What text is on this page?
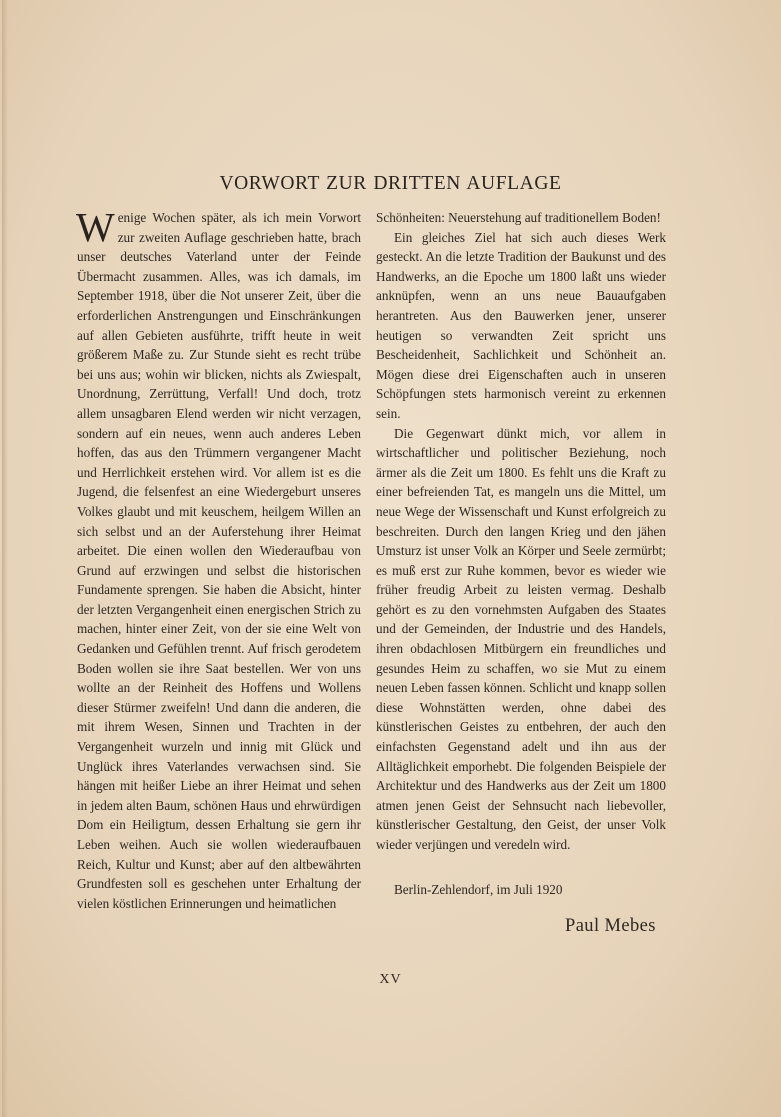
VORWORT ZUR DRITTEN AUFLAGE

Wenige Wochen später, als ich mein Vorwort zur zweiten Auflage geschrieben hatte, brach unser deutsches Vaterland unter der Feinde Übermacht zusammen. Alles, was ich damals, im September 1918, über die Not unserer Zeit, über die erforderlichen Anstrengungen und Einschränkungen auf allen Gebieten ausführte, trifft heute in weit größerem Maße zu. Zur Stunde sieht es recht trübe bei uns aus; wohin wir blicken, nichts als Zwiespalt, Unordnung, Zerrüttung, Verfall! Und doch, trotz allem unsagbaren Elend werden wir nicht verzagen, sondern auf ein neues, wenn auch anderes Leben hoffen, das aus den Trümmern vergangener Macht und Herrlichkeit erstehen wird. Vor allem ist es die Jugend, die felsenfest an eine Wiedergeburt unseres Volkes glaubt und mit keuschem, heilgem Willen an sich selbst und an der Auferstehung ihrer Heimat arbeitet. Die einen wollen den Wiederaufbau von Grund auf erzwingen und selbst die historischen Fundamente sprengen. Sie haben die Absicht, hinter der letzten Vergangenheit einen energischen Strich zu machen, hinter einer Zeit, von der sie eine Welt von Gedanken und Gefühlen trennt. Auf frisch gerodetem Boden wollen sie ihre Saat bestellen. Wer von uns wollte an der Reinheit des Hoffens und Wollens dieser Stürmer zweifeln! Und dann die anderen, die mit ihrem Wesen, Sinnen und Trachten in der Vergangenheit wurzeln und innig mit Glück und Unglück ihres Vaterlandes verwachsen sind. Sie hängen mit heißer Liebe an ihrer Heimat und sehen in jedem alten Baum, schönen Haus und ehrwürdigen Dom ein Heiligtum, dessen Erhaltung sie gern ihr Leben weihen. Auch sie wollen wiederaufbauen Reich, Kultur und Kunst; aber auf den altbewährten Grundfesten soll es geschehen unter Erhaltung der vielen köstlichen Erinnerungen und heimatlichen

Schönheiten: Neuerstehung auf traditionellem Boden!

Ein gleiches Ziel hat sich auch dieses Werk gesteckt. An die letzte Tradition der Baukunst und des Handwerks, an die Epoche um 1800 laßt uns wieder anknüpfen, wenn an uns neue Bauaufgaben herantreten. Aus den Bauwerken jener, unserer heutigen so verwandten Zeit spricht uns Bescheidenheit, Sachlichkeit und Schönheit an. Mögen diese drei Eigenschaften auch in unseren Schöpfungen stets harmonisch vereint zu erkennen sein.

Die Gegenwart dünkt mich, vor allem in wirtschaftlicher und politischer Beziehung, noch ärmer als die Zeit um 1800. Es fehlt uns die Kraft zu einer befreienden Tat, es mangeln uns die Mittel, um neue Wege der Wissenschaft und Kunst erfolgreich zu beschreiten. Durch den langen Krieg und den jähen Umsturz ist unser Volk an Körper und Seele zermürbt; es muß erst zur Ruhe kommen, bevor es wieder wie früher freudig Arbeit zu leisten vermag. Deshalb gehört es zu den vornehmsten Aufgaben des Staates und der Gemeinden, der Industrie und des Handels, ihren obdachlosen Mitbürgern ein freundliches und gesundes Heim zu schaffen, wo sie Mut zu einem neuen Leben fassen können. Schlicht und knapp sollen diese Wohnstätten werden, ohne dabei des künstlerischen Geistes zu entbehren, der auch den einfachsten Gegenstand adelt und ihn aus der Alltäglichkeit emporhebt. Die folgenden Beispiele der Architektur und des Handwerks aus der Zeit um 1800 atmen jenen Geist der Sehnsucht nach liebevoller, künstlerischer Gestaltung, den Geist, der unser Volk wieder verjüngen und veredeln wird.

Berlin-Zehlendorf, im Juli 1920
Paul Mebes
XV
